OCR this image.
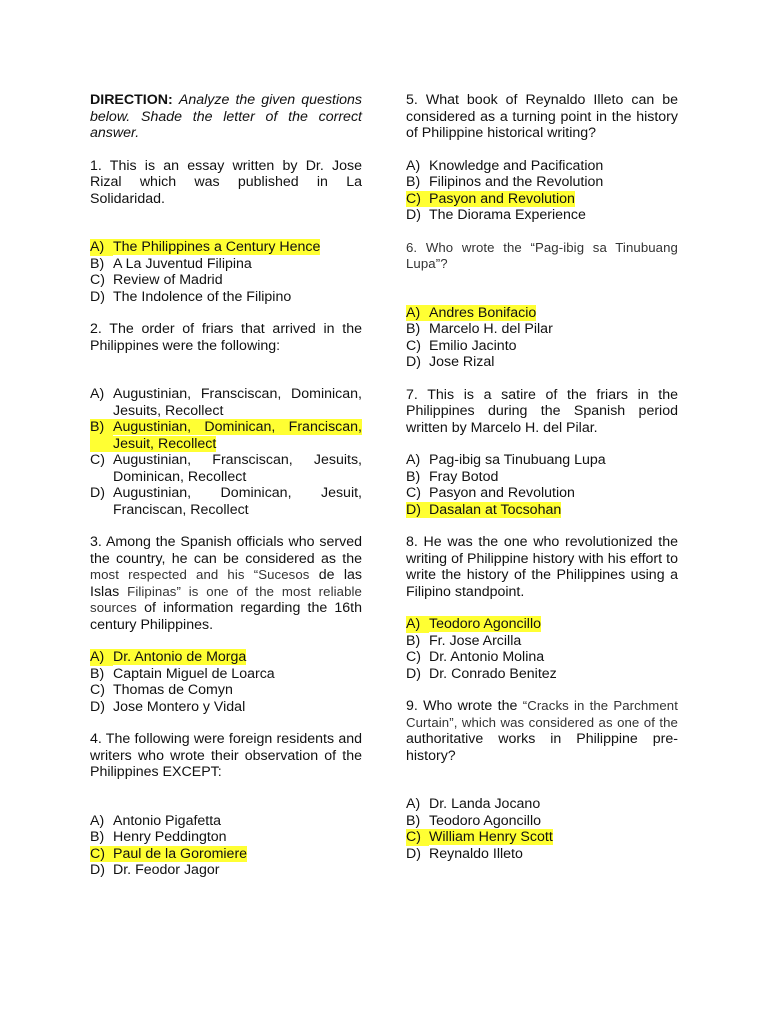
DIRECTION: Analyze the given questions below. Shade the letter of the correct answer.

1. This is an essay written by Dr. Jose Rizal which was published in La Solidaridad.

A) The Philippines a Century Hence
B) A La Juventud Filipina
C) Review of Madrid
D) The Indolence of the Filipino

2. The order of friars that arrived in the Philippines were the following:

A) Augustinian, Fransciscan, Dominican, Jesuits, Recollect
B) Augustinian, Dominican, Franciscan, Jesuit, Recollect
C) Augustinian, Fransciscan, Jesuits, Dominican, Recollect
D) Augustinian, Dominican, Jesuit, Franciscan, Recollect

3. Among the Spanish officials who served the country, he can be considered as the most respected and his “Sucesos de las Islas Filipinas” is one of the most reliable sources of information regarding the 16th century Philippines.

A) Dr. Antonio de Morga
B) Captain Miguel de Loarca
C) Thomas de Comyn
D) Jose Montero y Vidal

4. The following were foreign residents and writers who wrote their observation of the Philippines EXCEPT:

A) Antonio Pigafetta
B) Henry Peddington
C) Paul de la Goromiere
D) Dr. Feodor Jagor

5. What book of Reynaldo Illeto can be considered as a turning point in the history of Philippine historical writing?

A) Knowledge and Pacification
B) Filipinos and the Revolution
C) Pasyon and Revolution
D) The Diorama Experience

6. Who wrote the “Pag-ibig sa Tinubuang Lupa”?

A) Andres Bonifacio
B) Marcelo H. del Pilar
C) Emilio Jacinto
D) Jose Rizal

7. This is a satire of the friars in the Philippines during the Spanish period written by Marcelo H. del Pilar.

A) Pag-ibig sa Tinubuang Lupa
B) Fray Botod
C) Pasyon and Revolution
D) Dasalan at Tocsohan

8. He was the one who revolutionized the writing of Philippine history with his effort to write the history of the Philippines using a Filipino standpoint.

A) Teodoro Agoncillo
B) Fr. Jose Arcilla
C) Dr. Antonio Molina
D) Dr. Conrado Benitez

9. Who wrote the “Cracks in the Parchment Curtain”, which was considered as one of the authoritative works in Philippine pre-history?

A) Dr. Landa Jocano
B) Teodoro Agoncillo
C) William Henry Scott
D) Reynaldo Illeto
